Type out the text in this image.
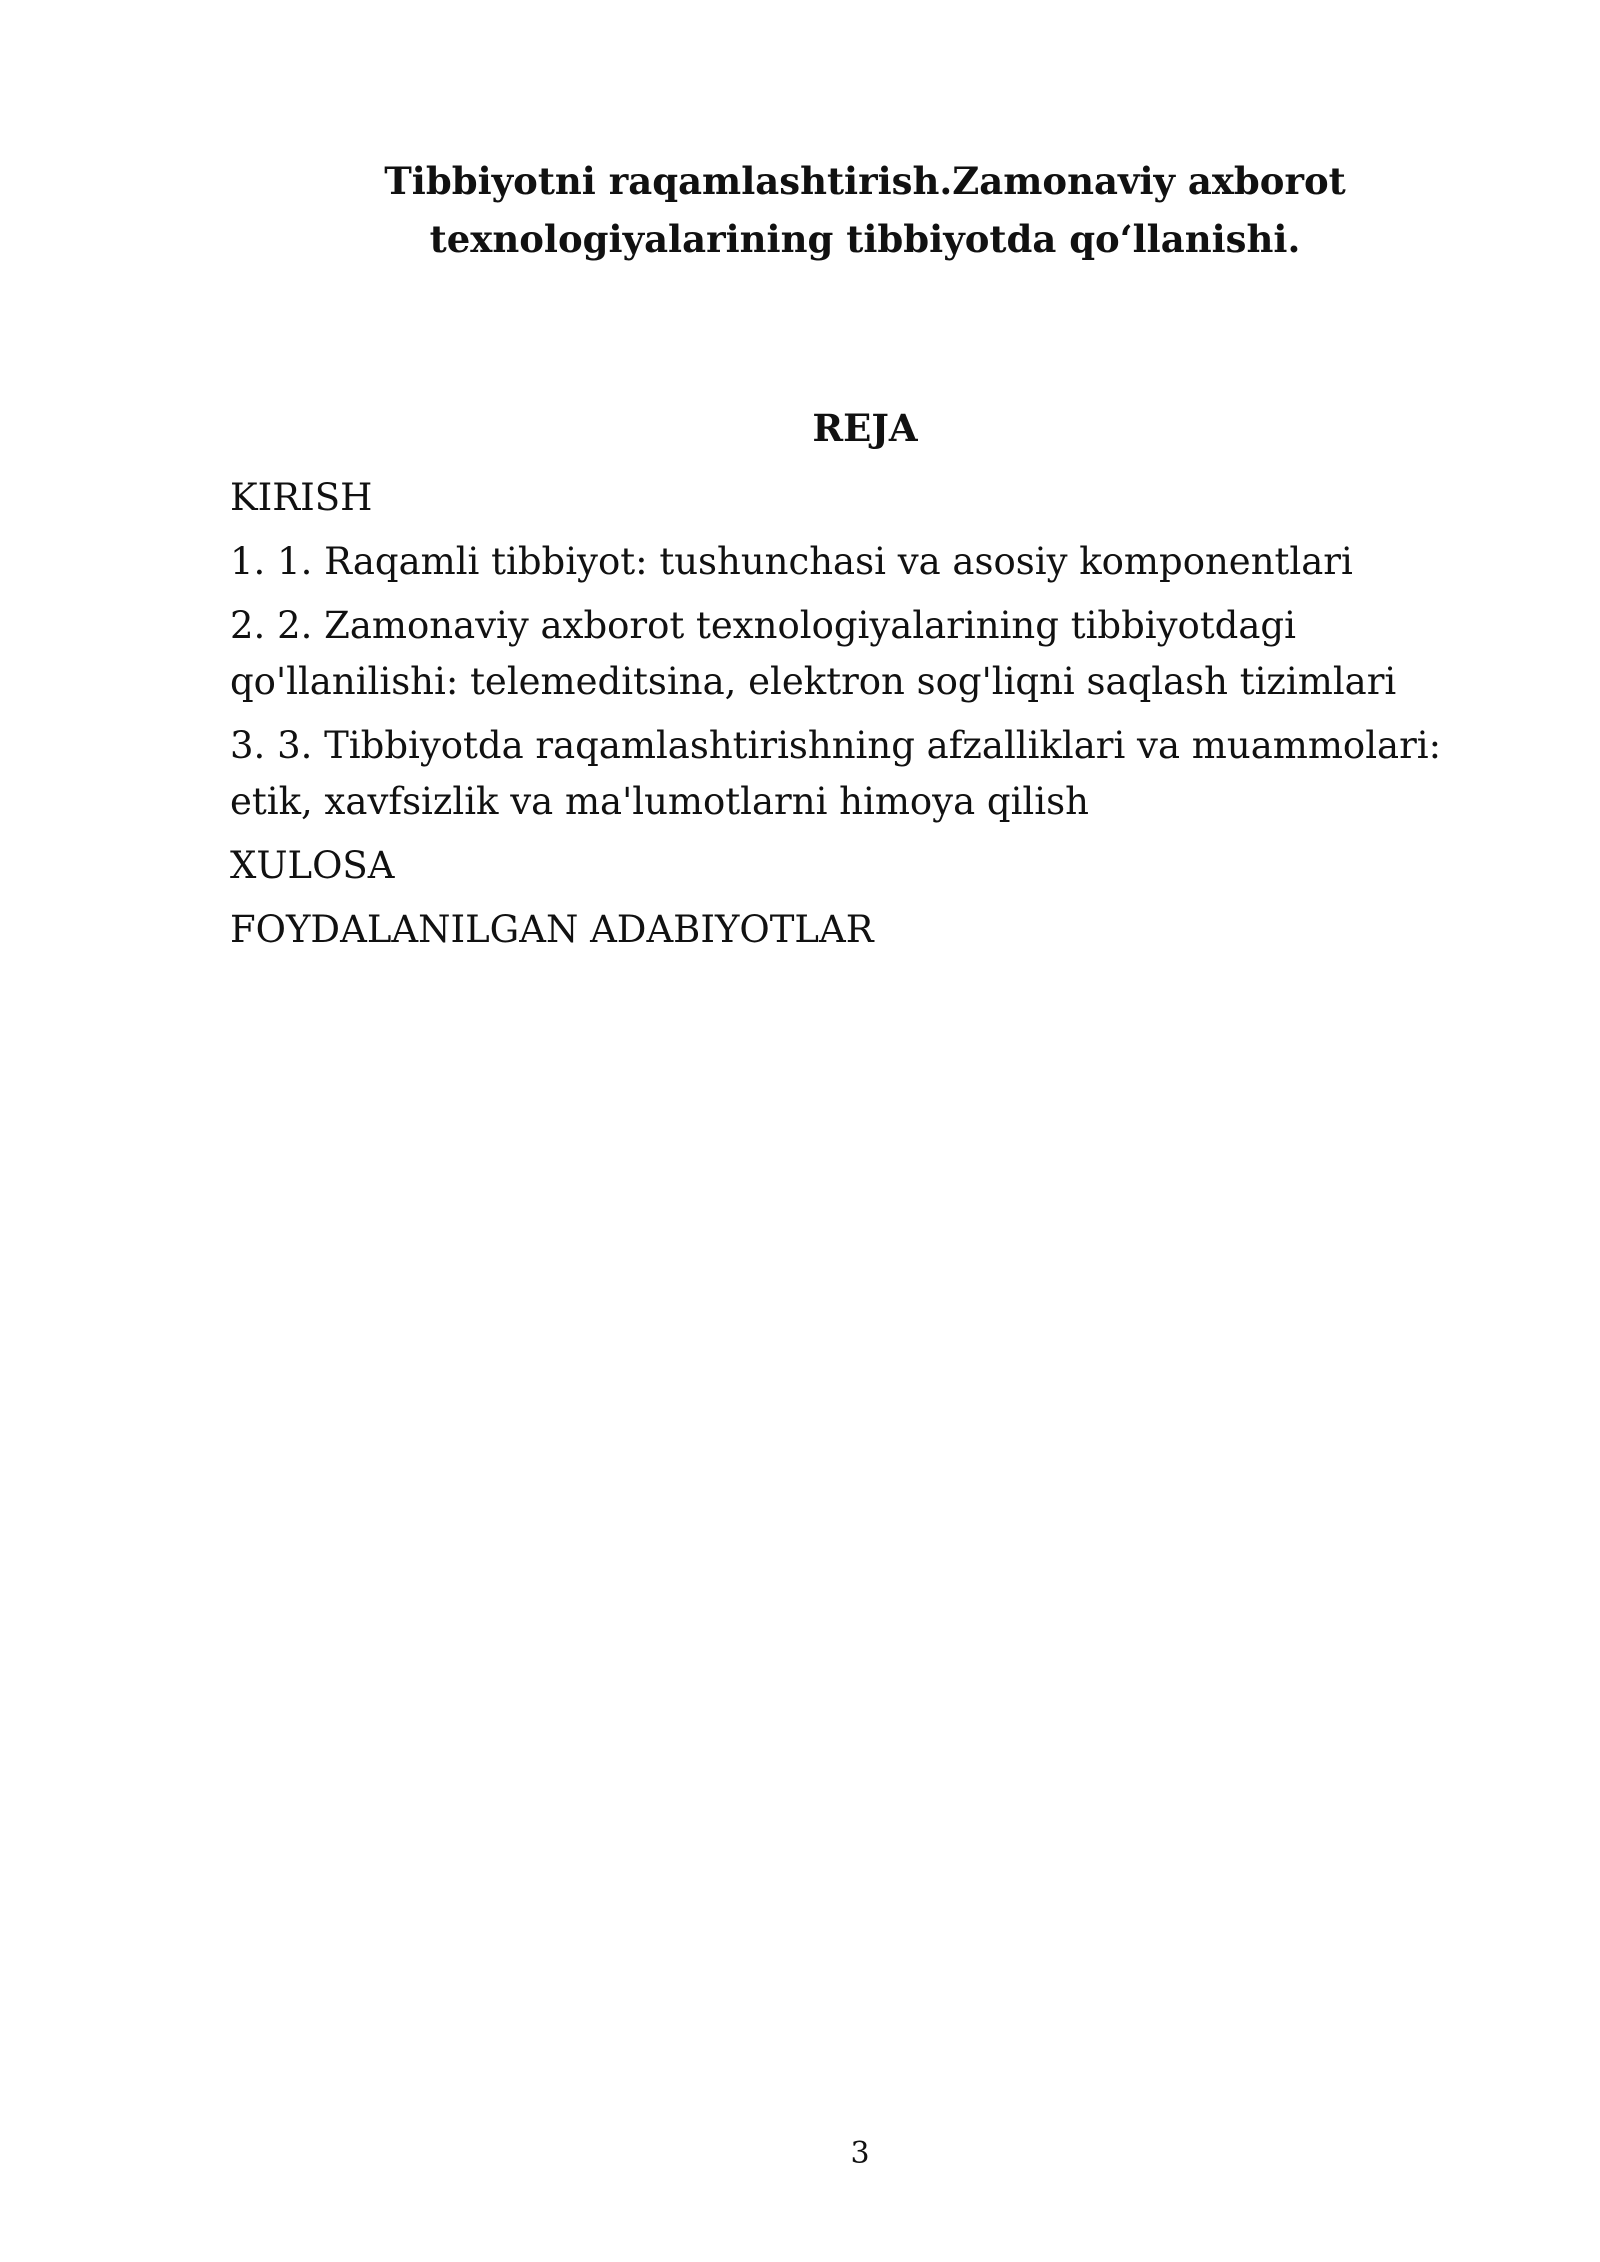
Tibbiyotni raqamlashtirish.Zamonaviy axborot
texnologiyalarining tibbiyotda qo‘llanishi.
REJA
KIRISH
1. 1. Raqamli tibbiyot: tushunchasi va asosiy komponentlari
2. 2. Zamonaviy axborot texnologiyalarining tibbiyotdagi qo'llanilishi: telemeditsina, elektron sog'liqni saqlash tizimlari
3. 3. Tibbiyotda raqamlashtirishning afzalliklari va muammolari: etik, xavfsizlik va ma'lumotlarni himoya qilish
XULOSA
FOYDALANILGAN ADABIYOTLAR
3
